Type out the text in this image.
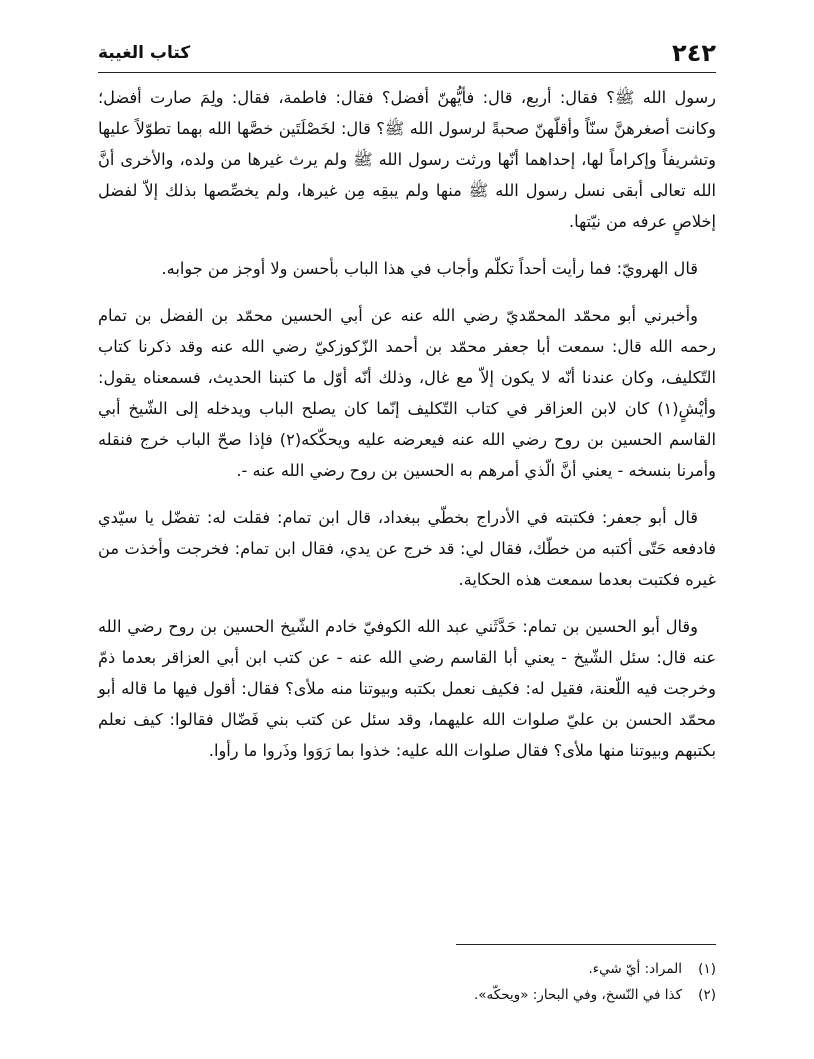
٢٤٢
كتاب الغيبة

رسول الله ﷺ؟ فقال: أربع، قال: فأيُّهنّ أفضل؟ فقال: فاطمة، فقال: ولِمَ صارت أفضل؛ وكانت أصغرهنَّ سنّاً وأقلّهنّ صحبةً لرسول الله ﷺ؟ قال: لخَصْلَتَين خصَّها الله بهما تطوّلاً عليها وتشريفاً وإكراماً لها، إحداهما أنّها ورثت رسول الله ﷺ ولم يرث غيرها من ولده، والأخرى أنَّ الله تعالى أبقى نسل رسول الله ﷺ منها ولم يبقِه مِن غيرها، ولم يخصِّصها بذلك إلاّ لفضل إخلاصٍ عرفه من نيّتها.

قال الهرويّ: فما رأيت أحداً تكلّم وأجاب في هذا الباب بأحسن ولا أوجز من جوابه.

وأخبرني أبو محمّد المحمّديّ رضي الله عنه عن أبي الحسين محمّد بن الفضل بن تمام رحمه الله قال: سمعت أبا جعفر محمّد بن أحمد الزّكوزكيّ رضي الله عنه وقد ذكرنا كتاب التّكليف، وكان عندنا أنّه لا يكون إلاّ مع غال، وذلك أنّه أوّل ما كتبنا الحديث، فسمعناه يقول: وأيْشٍ(١) كان لابن العزاقر في كتاب التّكليف إنّما كان يصلح الباب ويدخله إلى الشّيخ أبي القاسم الحسين بن روح رضي الله عنه فيعرضه عليه ويحكّكه(٢) فإذا صحّ الباب خرج فنقله وأمرنا بنسخه - يعني أنَّ الّذي أمرهم به الحسين بن روح رضي الله عنه -.

قال أبو جعفر: فكتبته في الأدراج بخطّي ببغداد، قال ابن تمام: فقلت له: تفضّل يا سيّدي فادفعه حَتّى أكتبه من خطّك، فقال لي: قد خرج عن يدي، فقال ابن تمام: فخرجت وأخذت من غيره فكتبت بعدما سمعت هذه الحكاية.

وقال أبو الحسين بن تمام: حَدَّثَني عبد الله الكوفيّ خادم الشّيخ الحسين بن روح رضي الله عنه قال: سئل الشّيخ - يعني أبا القاسم رضي الله عنه - عن كتب ابن أبي العزاقر بعدما ذمّ وخرجت فيه اللّعنة، فقيل له: فكيف نعمل بكتبه وبيوتنا منه ملأى؟ فقال: أقول فيها ما قاله أبو محمّد الحسن بن عليّ صلوات الله عليهما، وقد سئل عن كتب بني فَضّال فقالوا: كيف نعلم بكتبهم وبيوتنا منها ملأى؟ فقال صلوات الله عليه: خذوا بما رَوَوا وذَروا ما رأوا.

(١)
المراد: أيّ شيء.
(٢)
كذا في النّسخ، وفي البحار: «ويحكّه».
